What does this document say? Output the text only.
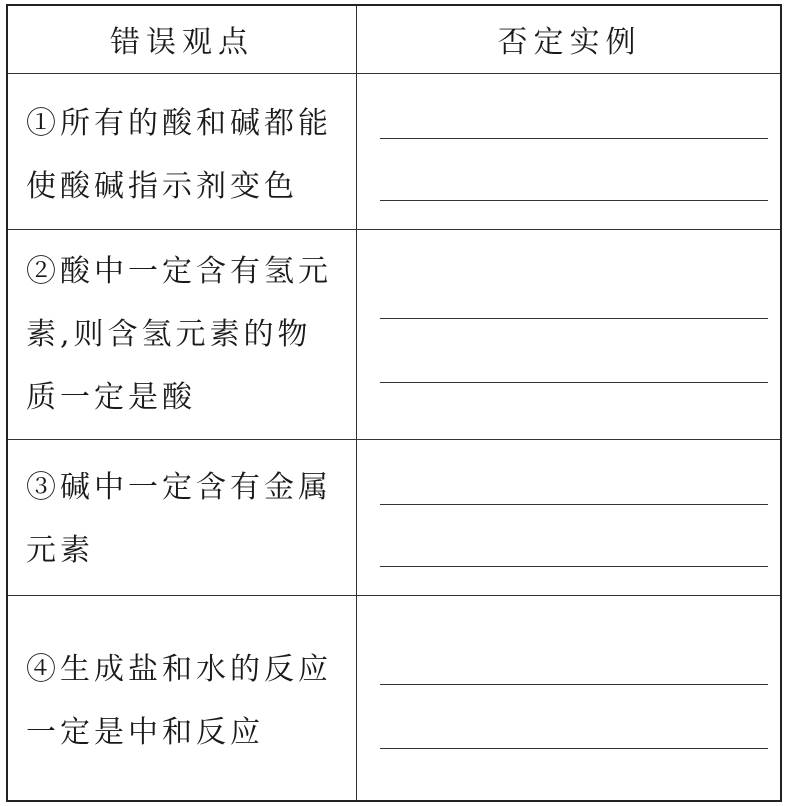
错误观点	否定实例
①所有的酸和碱都能使酸碱指示剂变色
②酸中一定含有氢元素,则含氢元素的物质一定是酸
③碱中一定含有金属元素
④生成盐和水的反应一定是中和反应
